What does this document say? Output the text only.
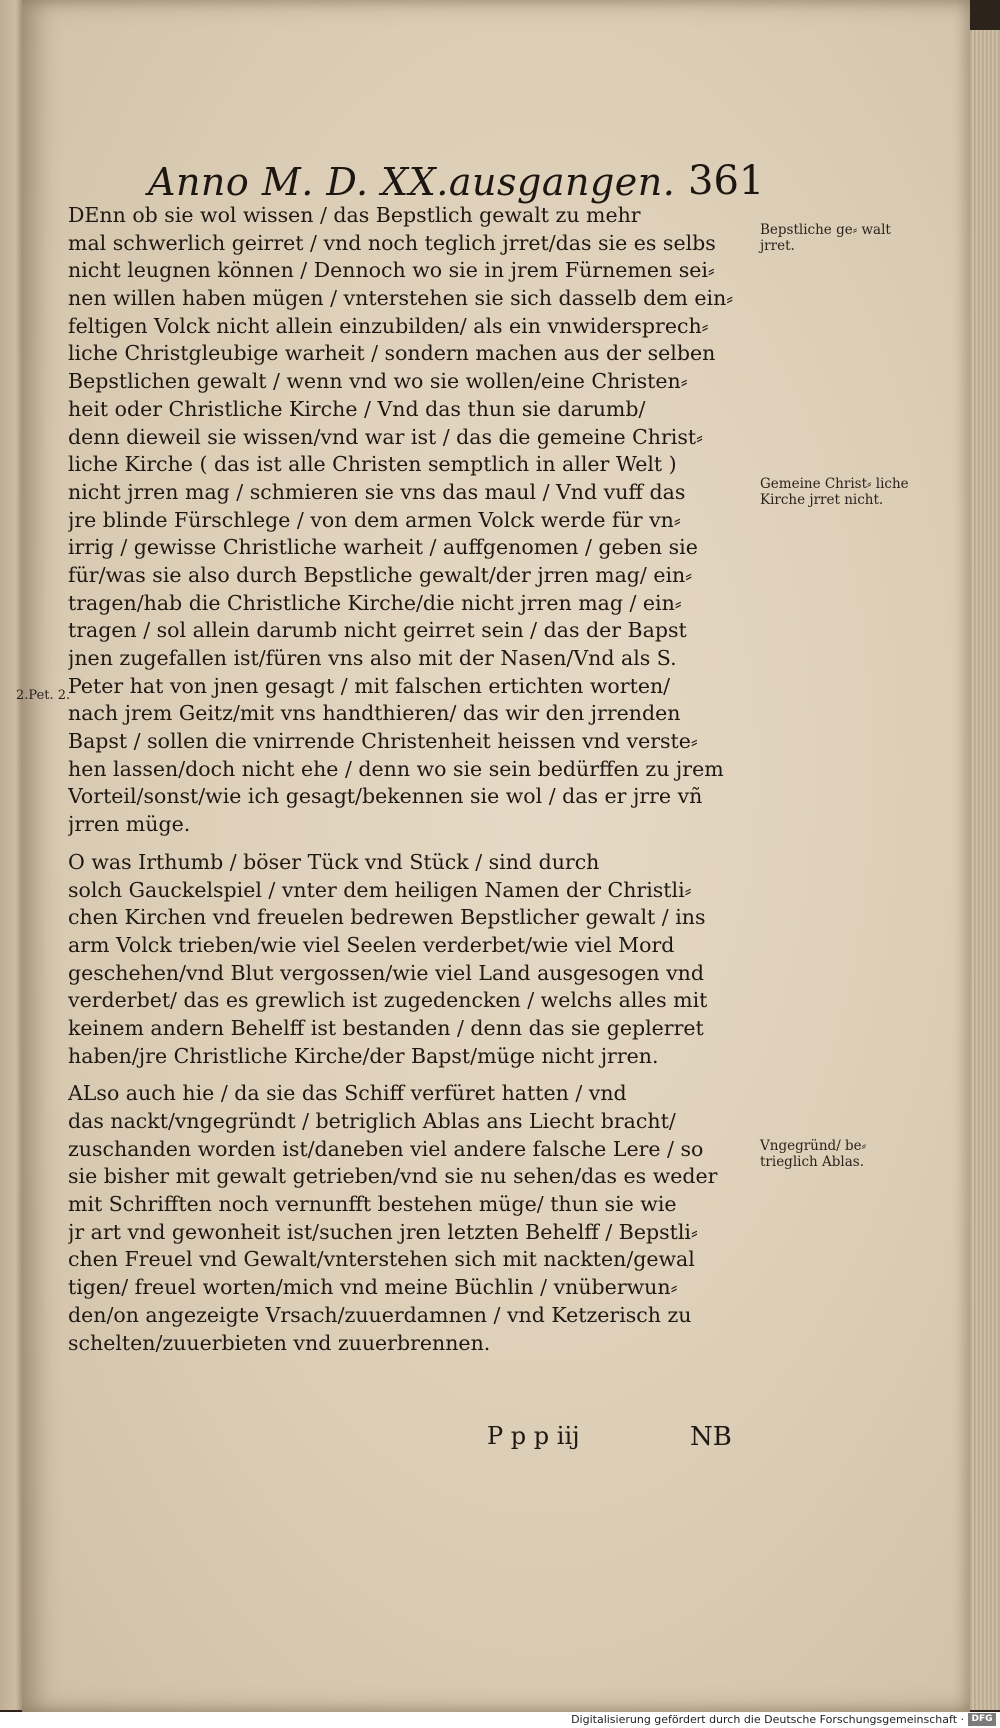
Anno M. D. XX.ausgangen. 361
DEnn ob sie wol wissen / das Bepstlich gewalt zu mehr
mal schwerlich geirret / vnd noch teglich jrret/das sie es selbs
nicht leugnen können / Dennoch wo sie in jrem Fürnemen sei⸗
nen willen haben mügen / vnterstehen sie sich dasselb dem ein⸗
feltigen Volck nicht allein einzubilden/ als ein vnwidersprech⸗
liche Christgleubige warheit / sondern machen aus der selben
Bepstlichen gewalt / wenn vnd wo sie wollen/eine Christen⸗
heit oder Christliche Kirche / Vnd das thun sie darumb/
denn dieweil sie wissen/vnd war ist / das die gemeine Christ⸗
liche Kirche ( das ist alle Christen semptlich in aller Welt )
nicht jrren mag / schmieren sie vns das maul / Vnd vuff das
jre blinde Fürschlege / von dem armen Volck werde für vn⸗
irrig / gewisse Christliche warheit / auffgenomen / geben sie
für/was sie also durch Bepstliche gewalt/der jrren mag/ ein⸗
tragen/hab die Christliche Kirche/die nicht jrren mag / ein⸗
tragen / sol allein darumb nicht geirret sein / das der Bapst
jnen zugefallen ist/füren vns also mit der Nasen/Vnd als S.
Peter hat von jnen gesagt / mit falschen ertichten worten/
nach jrem Geitz/mit vns handthieren/ das wir den jrrenden
Bapst / sollen die vnirrende Christenheit heissen vnd verste⸗
hen lassen/doch nicht ehe / denn wo sie sein bedürffen zu jrem
Vorteil/sonst/wie ich gesagt/bekennen sie wol / das er jrre vñ
jrren müge.
O was Irthumb / böser Tück vnd Stück / sind durch
solch Gauckelspiel / vnter dem heiligen Namen der Christli⸗
chen Kirchen vnd freuelen bedrewen Bepstlicher gewalt / ins
arm Volck trieben/wie viel Seelen verderbet/wie viel Mord
geschehen/vnd Blut vergossen/wie viel Land ausgesogen vnd
verderbet/ das es grewlich ist zugedencken / welchs alles mit
keinem andern Behelff ist bestanden / denn das sie geplerret
haben/jre Christliche Kirche/der Bapst/müge nicht jrren.
ALso auch hie / da sie das Schiff verfüret hatten / vnd
das nackt/vngegründt / betriglich Ablas ans Liecht bracht/
zuschanden worden ist/daneben viel andere falsche Lere / so
sie bisher mit gewalt getrieben/vnd sie nu sehen/das es weder
mit Schrifften noch vernunfft bestehen müge/ thun sie wie
jr art vnd gewonheit ist/suchen jren letzten Behelff / Bepstli⸗
chen Freuel vnd Gewalt/vnterstehen sich mit nackten/gewal
tigen/ freuel worten/mich vnd meine Büchlin / vnüberwun⸗
den/on angezeigte Vrsach/zuuerdamnen / vnd Ketzerisch zu
schelten/zuuerbieten vnd zuuerbrennen.
Bepstliche ge⸗ walt jrret.
Gemeine Christ⸗ liche Kirche jrret nicht.
Vngegründ/ be⸗ trieglich Ablas.
2.Pet. 2.
P p p iij	NB
Digitalisierung gefördert durch die Deutsche Forschungsgemeinschaft · DFG
